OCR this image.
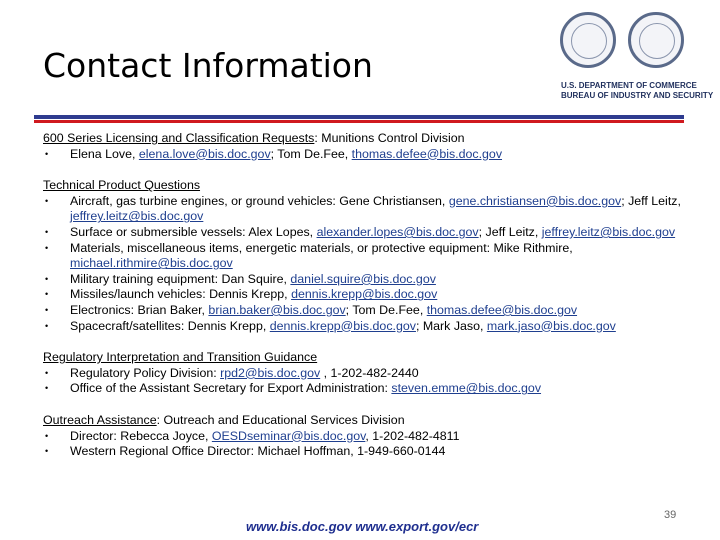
Contact Information
U.S. DEPARTMENT OF COMMERCE
BUREAU OF INDUSTRY AND SECURITY
600 Series Licensing and Classification Requests: Munitions Control Division
• Elena Love, elena.love@bis.doc.gov; Tom De.Fee, thomas.defee@bis.doc.gov
Technical Product Questions
• Aircraft, gas turbine engines, or ground vehicles: Gene Christiansen, gene.christiansen@bis.doc.gov; Jeff Leitz, jeffrey.leitz@bis.doc.gov
• Surface or submersible vessels: Alex Lopes, alexander.lopes@bis.doc.gov; Jeff Leitz, jeffrey.leitz@bis.doc.gov
• Materials, miscellaneous items, energetic materials, or protective equipment: Mike Rithmire, michael.rithmire@bis.doc.gov
• Military training equipment: Dan Squire, daniel.squire@bis.doc.gov
• Missiles/launch vehicles: Dennis Krepp, dennis.krepp@bis.doc.gov
• Electronics: Brian Baker, brian.baker@bis.doc.gov; Tom De.Fee, thomas.defee@bis.doc.gov
• Spacecraft/satellites: Dennis Krepp, dennis.krepp@bis.doc.gov; Mark Jaso, mark.jaso@bis.doc.gov
Regulatory Interpretation and Transition Guidance
• Regulatory Policy Division: rpd2@bis.doc.gov , 1-202-482-2440
• Office of the Assistant Secretary for Export Administration: steven.emme@bis.doc.gov
Outreach Assistance: Outreach and Educational Services Division
• Director: Rebecca Joyce, OESDseminar@bis.doc.gov, 1-202-482-4811
• Western Regional Office Director: Michael Hoffman, 1-949-660-0144
www.bis.doc.gov www.export.gov/ecr
39
